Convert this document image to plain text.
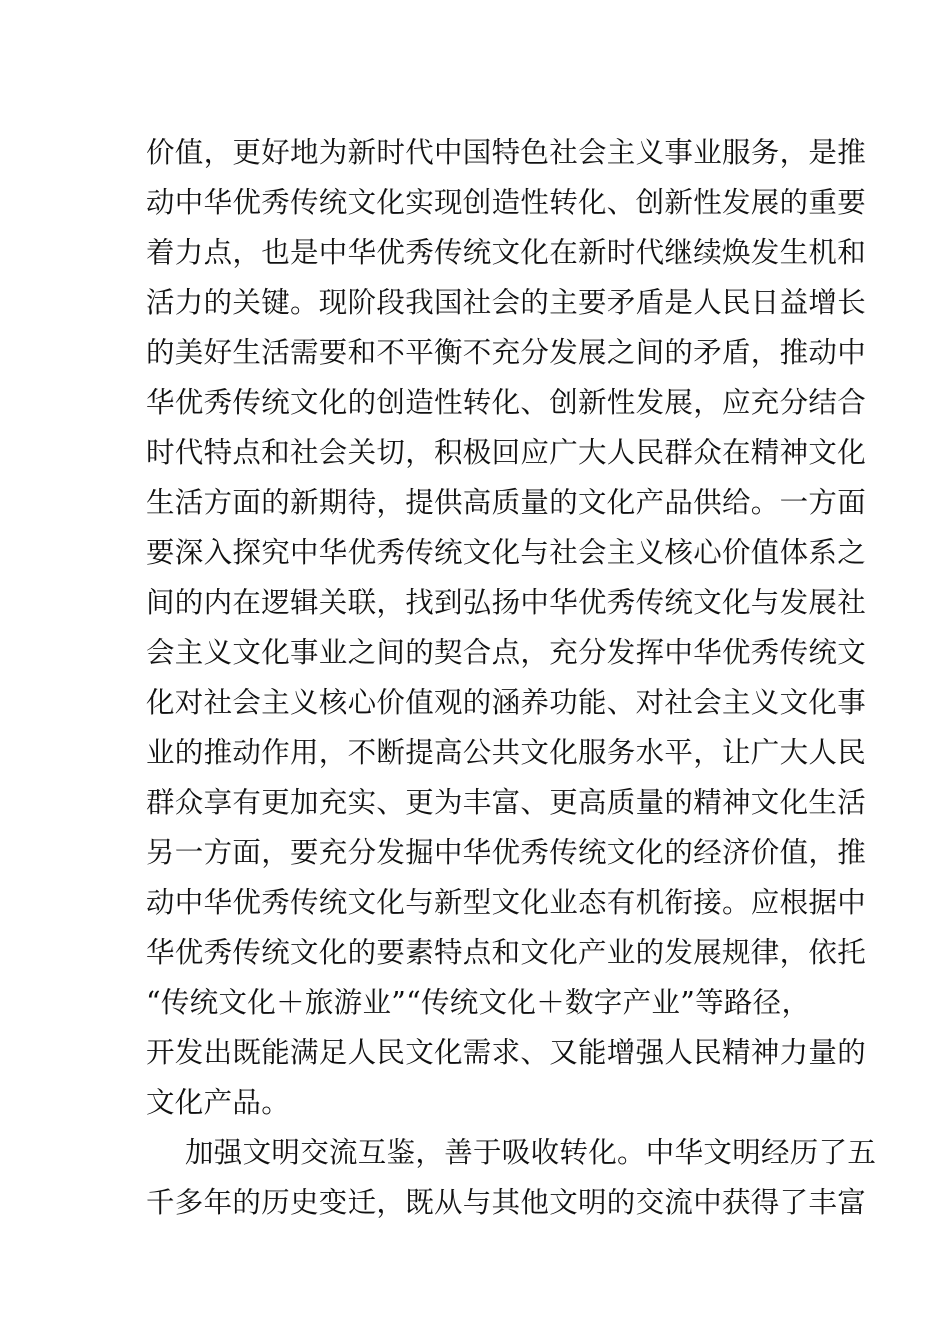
价值，更好地为新时代中国特色社会主义事业服务，是推
动中华优秀传统文化实现创造性转化、创新性发展的重要
着力点，也是中华优秀传统文化在新时代继续焕发生机和
活力的关键。现阶段我国社会的主要矛盾是人民日益增长
的美好生活需要和不平衡不充分发展之间的矛盾，推动中
华优秀传统文化的创造性转化、创新性发展，应充分结合
时代特点和社会关切，积极回应广大人民群众在精神文化
生活方面的新期待，提供高质量的文化产品供给。一方面
要深入探究中华优秀传统文化与社会主义核心价值体系之
间的内在逻辑关联，找到弘扬中华优秀传统文化与发展社
会主义文化事业之间的契合点，充分发挥中华优秀传统文
化对社会主义核心价值观的涵养功能、对社会主义文化事
业的推动作用，不断提高公共文化服务水平，让广大人民
群众享有更加充实、更为丰富、更高质量的精神文化生活
另一方面，要充分发掘中华优秀传统文化的经济价值，推
动中华优秀传统文化与新型文化业态有机衔接。应根据中
华优秀传统文化的要素特点和文化产业的发展规律，依托
“传统文化＋旅游业”“传统文化＋数字产业”等路径，
开发出既能满足人民文化需求、又能增强人民精神力量的
文化产品。
加强文明交流互鉴，善于吸收转化。中华文明经历了五
千多年的历史变迁，既从与其他文明的交流中获得了丰富
